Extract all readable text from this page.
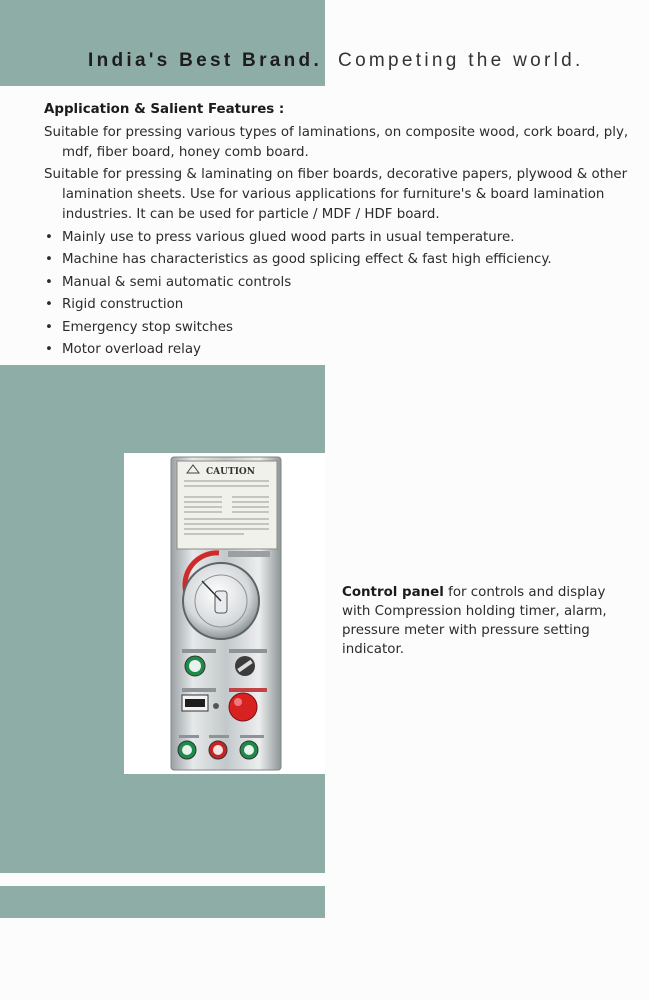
India's Best Brand. Competing the world.
Application & Salient Features :

Suitable for pressing various types of laminations, on composite wood, cork board, ply, mdf, fiber board, honey comb board.

Suitable for pressing & laminating on fiber boards, decorative papers, plywood & other lamination sheets. Use for various applications for furniture's & board lamination industries. It can be used for particle / MDF / HDF board.

• Mainly use to press various glued wood parts in usual temperature.
• Machine has characteristics as good splicing effect & fast high efficiency.
• Manual & semi automatic controls
• Rigid construction
• Emergency stop switches
• Motor overload relay
CAUTION
Control panel for controls and display with Compression holding timer, alarm, pressure meter with pressure setting indicator.
